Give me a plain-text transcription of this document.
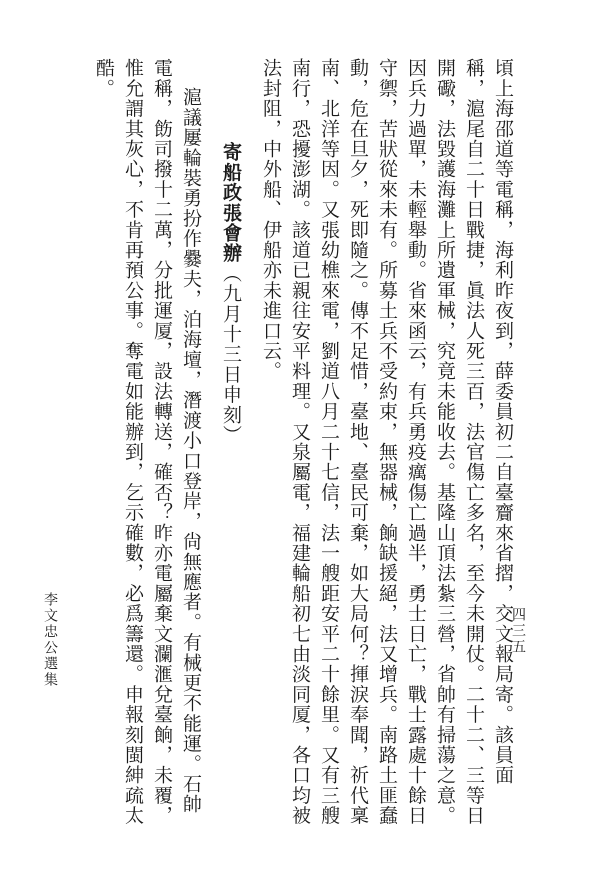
頃上海邵道等電稱，海利昨夜到，薛委員初二自臺齎來省摺，交文報局寄。該員面
稱，滬尾自二十日戰捷，眞法人死三百，法官傷亡多名，至今未開仗。二十二、三等日
開礮，法毀護海灘上所遺軍械，究竟未能收去。基隆山頂法紮三營，省帥有掃蕩之意。
因兵力過單，未輕舉動。省來函云，有兵勇疫癘傷亡過半，勇士日亡，戰士露處十餘日
守禦，苦狀從來未有。所募土兵不受約束，無器械，餉缺援絕，法又增兵。南路土匪蠢
動，危在旦夕，死即隨之。傳不足惜，臺地、臺民可棄，如大局何？揮淚奉聞，祈代稟
南、北洋等因。又張幼樵來電，劉道八月二十七信，法一艘距安平二十餘里。又有三艘
南行，恐擾澎湖。該道已親往安平料理。又泉屬電，福建輪船初七由淡同厦，各口均被
法封阻，中外船、伊船亦未進口云。
寄船政張會辦（九月十三日申刻）
滬議屢輪裝勇扮作爨夫，泊海壇，潛渡小口登岸，尙無應者。有械更不能運。石帥
電稱，飭司撥十二萬，分批運厦，設法轉送，確否？昨亦電屬棄文瀾滙兌臺餉，未覆，
惟允謂其灰心，不肯再預公事。奪電如能辦到，乞示確數，必爲籌還。申報刻閩紳疏太
酷。
李文忠公選集	四三五
